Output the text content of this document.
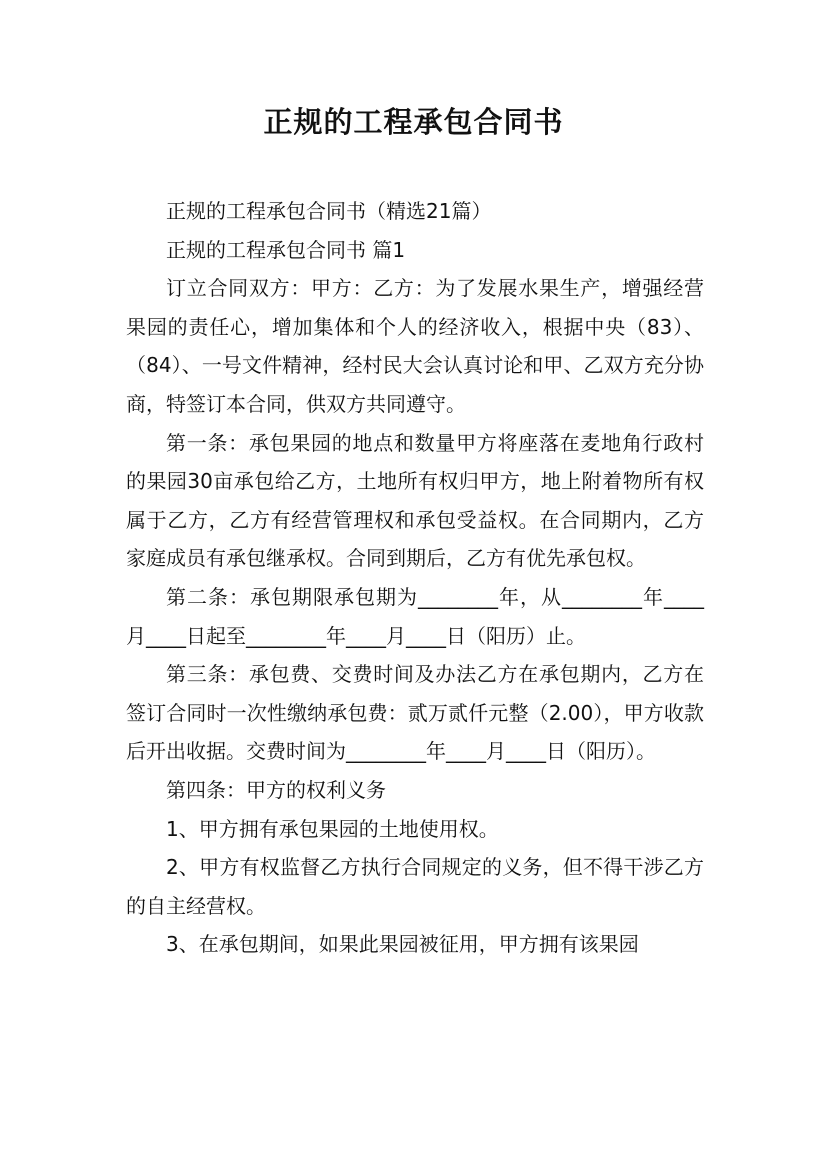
正规的工程承包合同书

正规的工程承包合同书（精选21篇）

正规的工程承包合同书 篇1

订立合同双方：甲方：乙方：为了发展水果生产，增强经营果园的责任心，增加集体和个人的经济收入，根据中央（83）、（84）、一号文件精神，经村民大会认真讨论和甲、乙双方充分协商，特签订本合同，供双方共同遵守。

第一条：承包果园的地点和数量甲方将座落在麦地角行政村的果园30亩承包给乙方，土地所有权归甲方，地上附着物所有权属于乙方，乙方有经营管理权和承包受益权。在合同期内，乙方家庭成员有承包继承权。合同到期后，乙方有优先承包权。

第二条：承包期限承包期为________年，从________年____月____日起至________年____月____日（阳历）止。

第三条：承包费、交费时间及办法乙方在承包期内，乙方在签订合同时一次性缴纳承包费：贰万贰仟元整（2.00），甲方收款后开出收据。交费时间为________年____月____日（阳历）。

第四条：甲方的权利义务

1、甲方拥有承包果园的土地使用权。

2、甲方有权监督乙方执行合同规定的义务，但不得干涉乙方的自主经营权。

3、在承包期间，如果此果园被征用，甲方拥有该果园
